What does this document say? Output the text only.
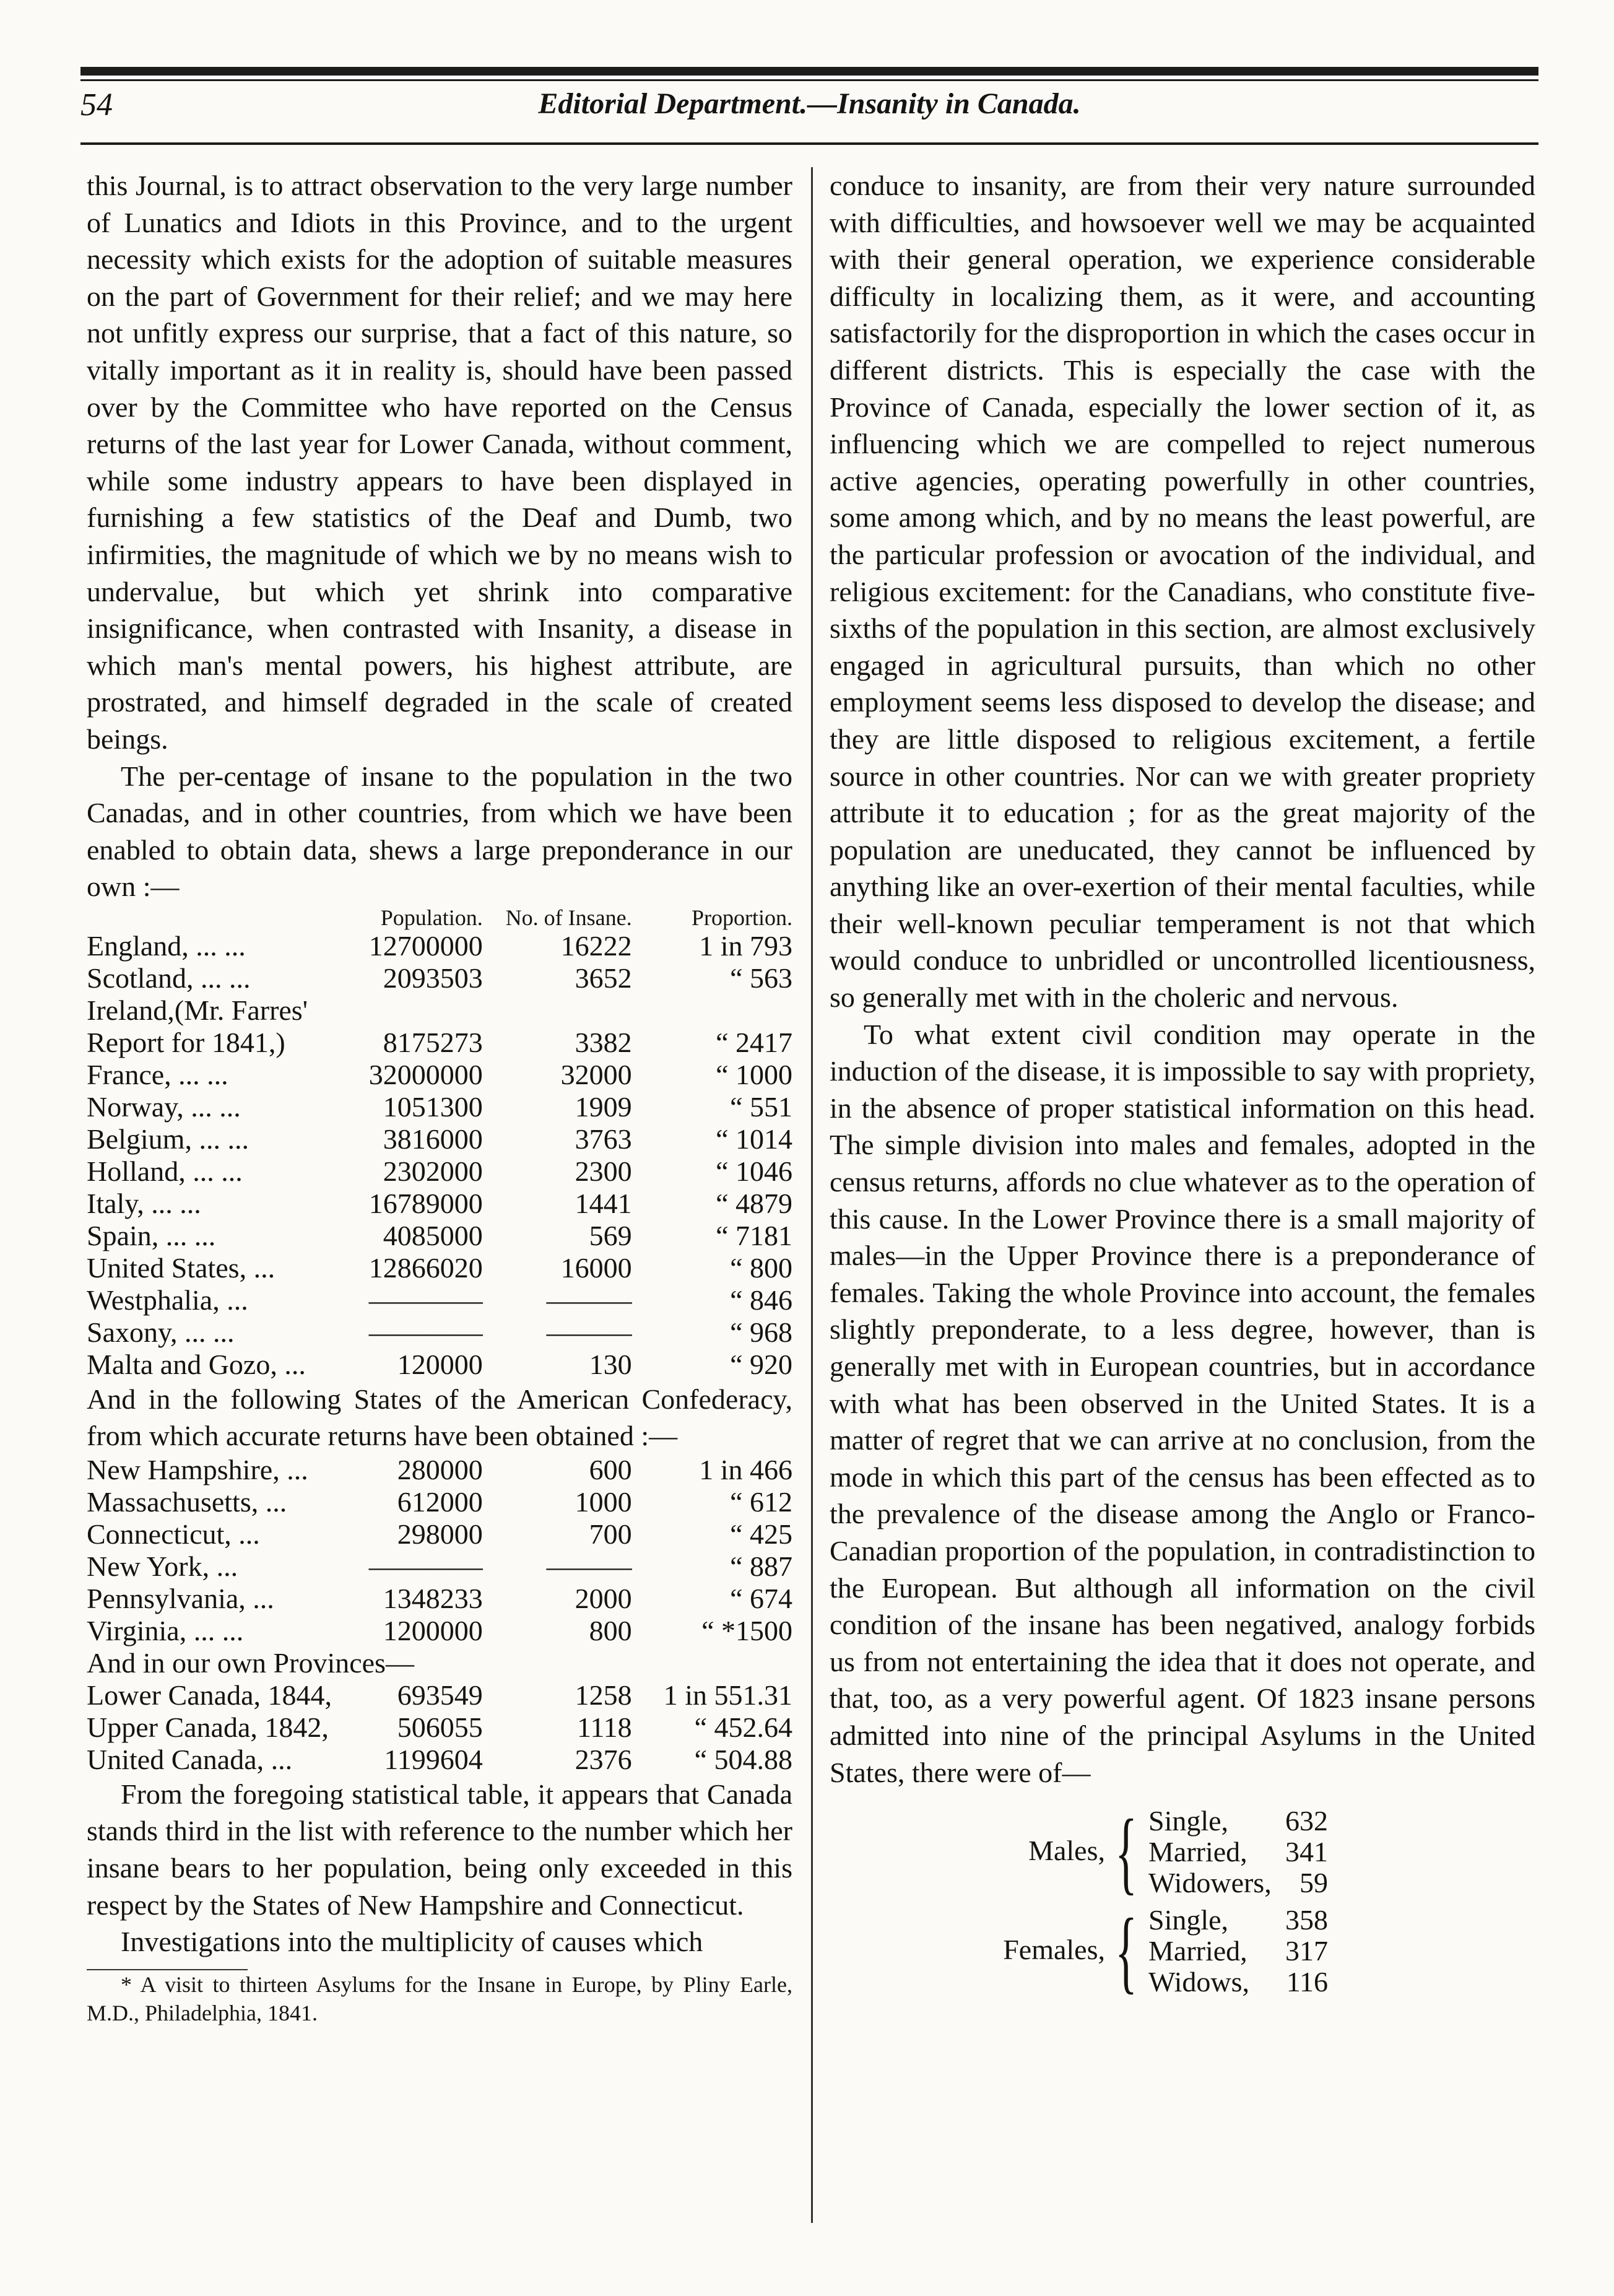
54	Editorial Department.—Insanity in Canada.

this Journal, is to attract observation to the very large number of Lunatics and Idiots in this Province, and to the urgent necessity which exists for the adoption of suitable measures on the part of Government for their relief; and we may here not unfitly express our surprise, that a fact of this nature, so vitally important as it in reality is, should have been passed over by the Committee who have reported on the Census returns of the last year for Lower Canada, without comment, while some industry appears to have been displayed in furnishing a few statistics of the Deaf and Dumb, two infirmities, the magnitude of which we by no means wish to undervalue, but which yet shrink into comparative insignificance, when contrasted with Insanity, a disease in which man's mental powers, his highest attribute, are prostrated, and himself degraded in the scale of created beings.

The per-centage of insane to the population in the two Canadas, and in other countries, from which we have been enabled to obtain data, shews a large preponderance in our own :—

	Population.	No. of Insane.	Proportion.
England, ... ...	12700000	16222	1 in 793
Scotland, ... ...	2093503	3652	“ 563
Ireland,(Mr. Farres'			
Report for 1841,)	8175273	3382	“ 2417
France, ... ...	32000000	32000	“ 1000
Norway, ... ...	1051300	1909	“ 551
Belgium, ... ...	3816000	3763	“ 1014
Holland, ... ...	2302000	2300	“ 1046
Italy, ... ...	16789000	1441	“ 4879
Spain, ... ...	4085000	569	“ 7181
United States, ...	12866020	16000	“ 800
Westphalia, ...	————	———	“ 846
Saxony, ... ...	————	———	“ 968
Malta and Gozo, ...	120000	130	“ 920
And in the following States of the American Confederacy, from which accurate returns have been obtained :—			
New Hampshire, ...	280000	600	1 in 466
Massachusetts, ...	612000	1000	“ 612
Connecticut, ...	298000	700	“ 425
New York, ...	————	———	“ 887
Pennsylvania, ...	1348233	2000	“ 674
Virginia, ... ...	1200000	800	“ *1500
And in our own Provinces—			
Lower Canada, 1844,	693549	1258	1 in 551.31
Upper Canada, 1842,	506055	1118	“ 452.64
United Canada, ...	1199604	2376	“ 504.88

From the foregoing statistical table, it appears that Canada stands third in the list with reference to the number which her insane bears to her population, being only exceeded in this respect by the States of New Hampshire and Connecticut.

Investigations into the multiplicity of causes which

* A visit to thirteen Asylums for the Insane in Europe, by Pliny Earle, M.D., Philadelphia, 1841.

conduce to insanity, are from their very nature surrounded with difficulties, and howsoever well we may be acquainted with their general operation, we experience considerable difficulty in localizing them, as it were, and accounting satisfactorily for the disproportion in which the cases occur in different districts. This is especially the case with the Province of Canada, especially the lower section of it, as influencing which we are compelled to reject numerous active agencies, operating powerfully in other countries, some among which, and by no means the least powerful, are the particular profession or avocation of the individual, and religious excitement: for the Canadians, who constitute five-sixths of the population in this section, are almost exclusively engaged in agricultural pursuits, than which no other employment seems less disposed to develop the disease; and they are little disposed to religious excitement, a fertile source in other countries. Nor can we with greater propriety attribute it to education ; for as the great majority of the population are uneducated, they cannot be influenced by anything like an over-exertion of their mental faculties, while their well-known peculiar temperament is not that which would conduce to unbridled or uncontrolled licentiousness, so generally met with in the choleric and nervous.

To what extent civil condition may operate in the induction of the disease, it is impossible to say with propriety, in the absence of proper statistical information on this head. The simple division into males and females, adopted in the census returns, affords no clue whatever as to the operation of this cause. In the Lower Province there is a small majority of males—in the Upper Province there is a preponderance of females. Taking the whole Province into account, the females slightly preponderate, to a less degree, however, than is generally met with in European countries, but in accordance with what has been observed in the United States. It is a matter of regret that we can arrive at no conclusion, from the mode in which this part of the census has been effected as to the prevalence of the disease among the Anglo or Franco-Canadian proportion of the population, in contradistinction to the European. But although all information on the civil condition of the insane has been negatived, analogy forbids us from not entertaining the idea that it does not operate, and that, too, as a very powerful agent. Of 1823 insane persons admitted into nine of the principal Asylums in the United States, there were of—

Males, { Single, 632
Married, 341
Widowers, 59
Females, { Single, 358
Married, 317
Widows, 116
